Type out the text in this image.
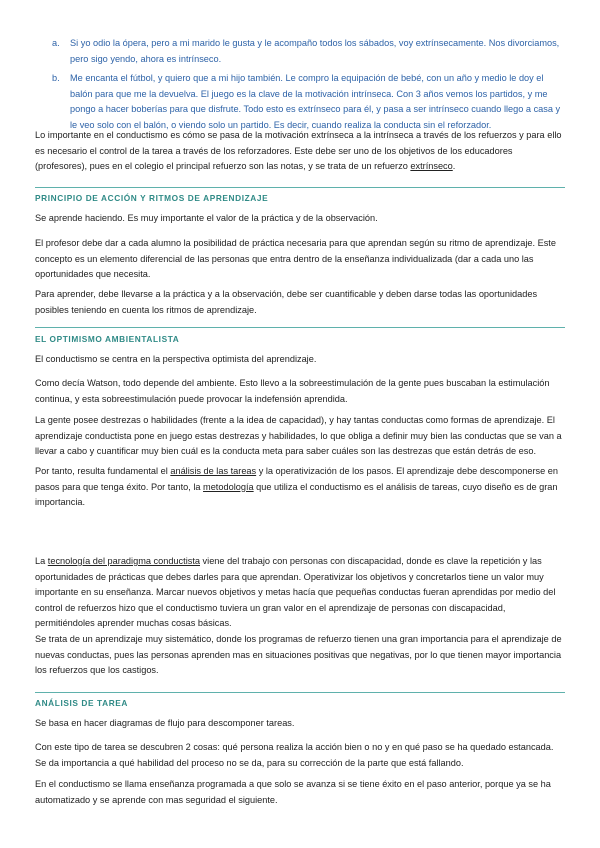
a. Si yo odio la ópera, pero a mi marido le gusta y le acompaño todos los sábados, voy extrínsecamente. Nos divorciamos, pero sigo yendo, ahora es intrínseco.
b. Me encanta el fútbol, y quiero que a mi hijo también. Le compro la equipación de bebé, con un año y medio le doy el balón para que me la devuelva. El juego es la clave de la motivación intrínseca. Con 3 años vemos los partidos, y me pongo a hacer boberías para que disfrute. Todo esto es extrínseco para él, y pasa a ser intrínseco cuando llego a casa y le veo solo con el balón, o viendo solo un partido. Es decir, cuando realiza la conducta sin el reforzador.

Lo importante en el conductismo es cómo se pasa de la motivación extrínseca a la intrínseca a través de los refuerzos y para ello es necesario el control de la tarea a través de los reforzadores. Este debe ser uno de los objetivos de los educadores (profesores), pues en el colegio el principal refuerzo son las notas, y se trata de un refuerzo extrínseco.

PRINCIPIO DE ACCIÓN Y RITMOS DE APRENDIZAJE

Se aprende haciendo. Es muy importante el valor de la práctica y de la observación.

El profesor debe dar a cada alumno la posibilidad de práctica necesaria para que aprendan según su ritmo de aprendizaje. Este concepto es un elemento diferencial de las personas que entra dentro de la enseñanza individualizada (dar a cada uno las oportunidades que necesita.

Para aprender, debe llevarse a la práctica y a la observación, debe ser cuantificable y deben darse todas las oportunidades posibles teniendo en cuenta los ritmos de aprendizaje.

EL OPTIMISMO AMBIENTALISTA

El conductismo se centra en la perspectiva optimista del aprendizaje.

Como decía Watson, todo depende del ambiente. Esto llevo a la sobreestimulación de la gente pues buscaban la estimulación continua, y esta sobreestimulación puede provocar la indefensión aprendida.

La gente posee destrezas o habilidades (frente a la idea de capacidad), y hay tantas conductas como formas de aprendizaje. El aprendizaje conductista pone en juego estas destrezas y habilidades, lo que obliga a definir muy bien las conductas que se van a llevar a cabo y cuantificar muy bien cuál es la conducta meta para saber cuáles son las destrezas que están detrás de eso.

Por tanto, resulta fundamental el análisis de las tareas y la operativización de los pasos. El aprendizaje debe descomponerse en pasos para que tenga éxito. Por tanto, la metodología que utiliza el conductismo es el análisis de tareas, cuyo diseño es de gran importancia.

La tecnología del paradigma conductista viene del trabajo con personas con discapacidad, donde es clave la repetición y las oportunidades de prácticas que debes darles para que aprendan. Operativizar los objetivos y concretarlos tiene un valor muy importante en su enseñanza. Marcar nuevos objetivos y metas hacía que pequeñas conductas fueran aprendidas por medio del control de refuerzos hizo que el conductismo tuviera un gran valor en el aprendizaje de personas con discapacidad, permitiéndoles aprender muchas cosas básicas.

Se trata de un aprendizaje muy sistemático, donde los programas de refuerzo tienen una gran importancia para el aprendizaje de nuevas conductas, pues las personas aprenden mas en situaciones positivas que negativas, por lo que tienen mayor importancia los refuerzos que los castigos.

ANÁLISIS DE TAREA

Se basa en hacer diagramas de flujo para descomponer tareas.

Con este tipo de tarea se descubren 2 cosas: qué persona realiza la acción bien o no y en qué paso se ha quedado estancada. Se da importancia a qué habilidad del proceso no se da, para su corrección de la parte que está fallando.

En el conductismo se llama enseñanza programada a que solo se avanza si se tiene éxito en el paso anterior, porque ya se ha automatizado y se aprende con mas seguridad el siguiente.
